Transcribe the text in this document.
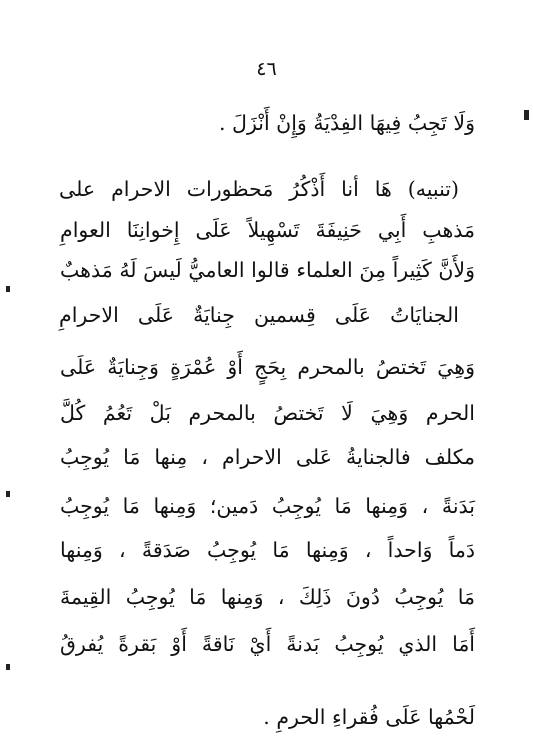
٤٦
وَلَا تَجِبُ فِيهَا الفِدْيَةُ وَإِنْ أَنْزَلَ .
(تنبيه) هَا أنا أَذْكُرُ مَحظورات الاحرام على
مَذهبِ أَبِي حَنِيفَةَ تَسْهِيلاً عَلَى إِخوانِنَا العوامِ
وَلأَنَّ كَثِيراً مِنَ العلماء قالوا العاميُّ لَيسَ لَهُ مَذهبٌ
الجنايَاتُ عَلَى قِسمين جِنايَةٌ عَلَى الاحرامِ
وَهِيَ تَختصُ بالمحرم بِحَجٍ أَوْ عُمْرَةٍ وَجِنايَةٌ عَلَى
الحرم وَهِيَ لَا تَختصُ بالمحرم بَلْ تَعُمُ كُلَّ
مكلف فالجنايةُ عَلى الاحرام ، مِنها مَا يُوجِبُ
بَدَنةً ، وَمِنها مَا يُوجِبُ دَمين؛ وَمِنها مَا يُوجِبُ
دَماً وَاحداً ، وَمِنها مَا يُوجِبُ صَدَقةً ، وَمِنها
مَا يُوجِبُ دُونَ ذَلِكَ ، وَمِنها مَا يُوجِبُ القِيمةَ
أَمَا الذي يُوجِبُ بَدنةً أَيْ نَاقةً أَوْ بَقرةً يُفرقُ
لَحْمُها عَلَى فُقراءِ الحرمِ .
